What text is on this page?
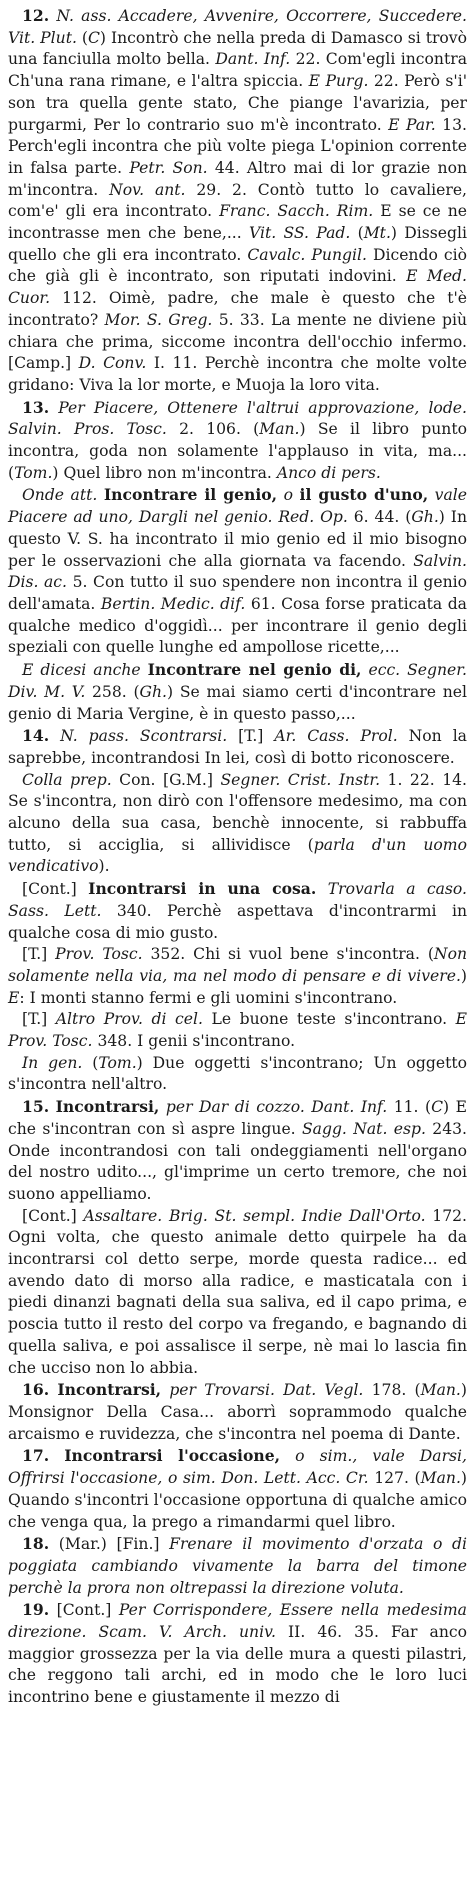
12. N. ass. Accadere, Avvenire, Occorrere, Succedere. Vit. Plut. (C) Incontrò che nella preda di Damasco si trovò una fanciulla molto bella. Dant. Inf. 22. Com'egli incontra Ch'una rana rimane, e l'altra spiccia. E Purg. 22. Però s'i' son tra quella gente stato, Che piange l'avarizia, per purgarmi, Per lo contrario suo m'è incontrato. E Par. 13. Perch'egli incontra che più volte piega L'opinion corrente in falsa parte. Petr. Son. 44. Altro mai di lor grazie non m'incontra. Nov. ant. 29. 2. Contò tutto lo cavaliere, com'e' gli era incontrato. Franc. Sacch. Rim. E se ce ne incontrasse men che bene,... Vit. SS. Pad. (Mt.) Dissegli quello che gli era incontrato. Cavalc. Pungil. Dicendo ciò che già gli è incontrato, son riputati indovini. E Med. Cuor. 112. Oimè, padre, che male è questo che t'è incontrato? Mor. S. Greg. 5. 33. La mente ne diviene più chiara che prima, siccome incontra dell'occhio infermo. [Camp.] D. Conv. I. 11. Perchè incontra che molte volte gridano: Viva la lor morte, e Muoja la loro vita.

13. Per Piacere, Ottenere l'altrui approvazione, lode. Salvin. Pros. Tosc. 2. 106. (Man.) Se il libro punto incontra, goda non solamente l'applauso in vita, ma... (Tom.) Quel libro non m'incontra. Anco di pers.

Onde att. Incontrare il genio, o il gusto d'uno, vale Piacere ad uno, Dargli nel genio. Red. Op. 6. 44. (Gh.) In questo V. S. ha incontrato il mio genio ed il mio bisogno per le osservazioni che alla giornata va facendo. Salvin. Dis. ac. 5. Con tutto il suo spendere non incontra il genio dell'amata. Bertin. Medic. dif. 61. Cosa forse praticata da qualche medico d'oggidì... per incontrare il genio degli speziali con quelle lunghe ed ampollose ricette,...

E dicesi anche Incontrare nel genio di, ecc. Segner. Div. M. V. 258. (Gh.) Se mai siamo certi d'incontrare nel genio di Maria Vergine, è in questo passo,...

14. N. pass. Scontrarsi. [T.] Ar. Cass. Prol. Non la saprebbe, incontrandosi In lei, così di botto riconoscere.

Colla prep. Con. [G.M.] Segner. Crist. Instr. 1. 22. 14. Se s'incontra, non dirò con l'offensore medesimo, ma con alcuno della sua casa, benchè innocente, si rabbuffa tutto, si acciglia, si allividisce (parla d'un uomo vendicativo).

[Cont.] Incontrarsi in una cosa. Trovarla a caso. Sass. Lett. 340. Perchè aspettava d'incontrarmi in qualche cosa di mio gusto.

[T.] Prov. Tosc. 352. Chi si vuol bene s'incontra. (Non solamente nella via, ma nel modo di pensare e di vivere.) E: I monti stanno fermi e gli uomini s'incontrano.

[T.] Altro Prov. di cel. Le buone teste s'incontrano. E Prov. Tosc. 348. I genii s'incontrano.

In gen. (Tom.) Due oggetti s'incontrano; Un oggetto s'incontra nell'altro.

15. Incontrarsi, per Dar di cozzo. Dant. Inf. 11. (C) E che s'incontran con sì aspre lingue. Sagg. Nat. esp. 243. Onde incontrandosi con tali ondeggiamenti nell'organo del nostro udito..., gl'imprime un certo tremore, che noi suono appelliamo.

[Cont.] Assaltare. Brig. St. sempl. Indie Dall'Orto. 172. Ogni volta, che questo animale detto quirpele ha da incontrarsi col detto serpe, morde questa radice... ed avendo dato di morso alla radice, e masticatala con i piedi dinanzi bagnati della sua saliva, ed il capo prima, e poscia tutto il resto del corpo va fregando, e bagnando di quella saliva, e poi assalisce il serpe, nè mai lo lascia fin che ucciso non lo abbia.

16. Incontrarsi, per Trovarsi. Dat. Vegl. 178. (Man.) Monsignor Della Casa... aborrì soprammodo qualche arcaismo e ruvidezza, che s'incontra nel poema di Dante.

17. Incontrarsi l'occasione, o sim., vale Darsi, Offrirsi l'occasione, o sim. Don. Lett. Acc. Cr. 127. (Man.) Quando s'incontri l'occasione opportuna di qualche amico che venga qua, la prego a rimandarmi quel libro.

18. (Mar.) [Fin.] Frenare il movimento d'orzata o di poggiata cambiando vivamente la barra del timone perchè la prora non oltrepassi la direzione voluta.

19. [Cont.] Per Corrispondere, Essere nella medesima direzione. Scam. V. Arch. univ. II. 46. 35. Far anco maggior grossezza per la via delle mura a questi pilastri, che reggono tali archi, ed in modo che le loro luci incontrino bene e giustamente il mezzo di
